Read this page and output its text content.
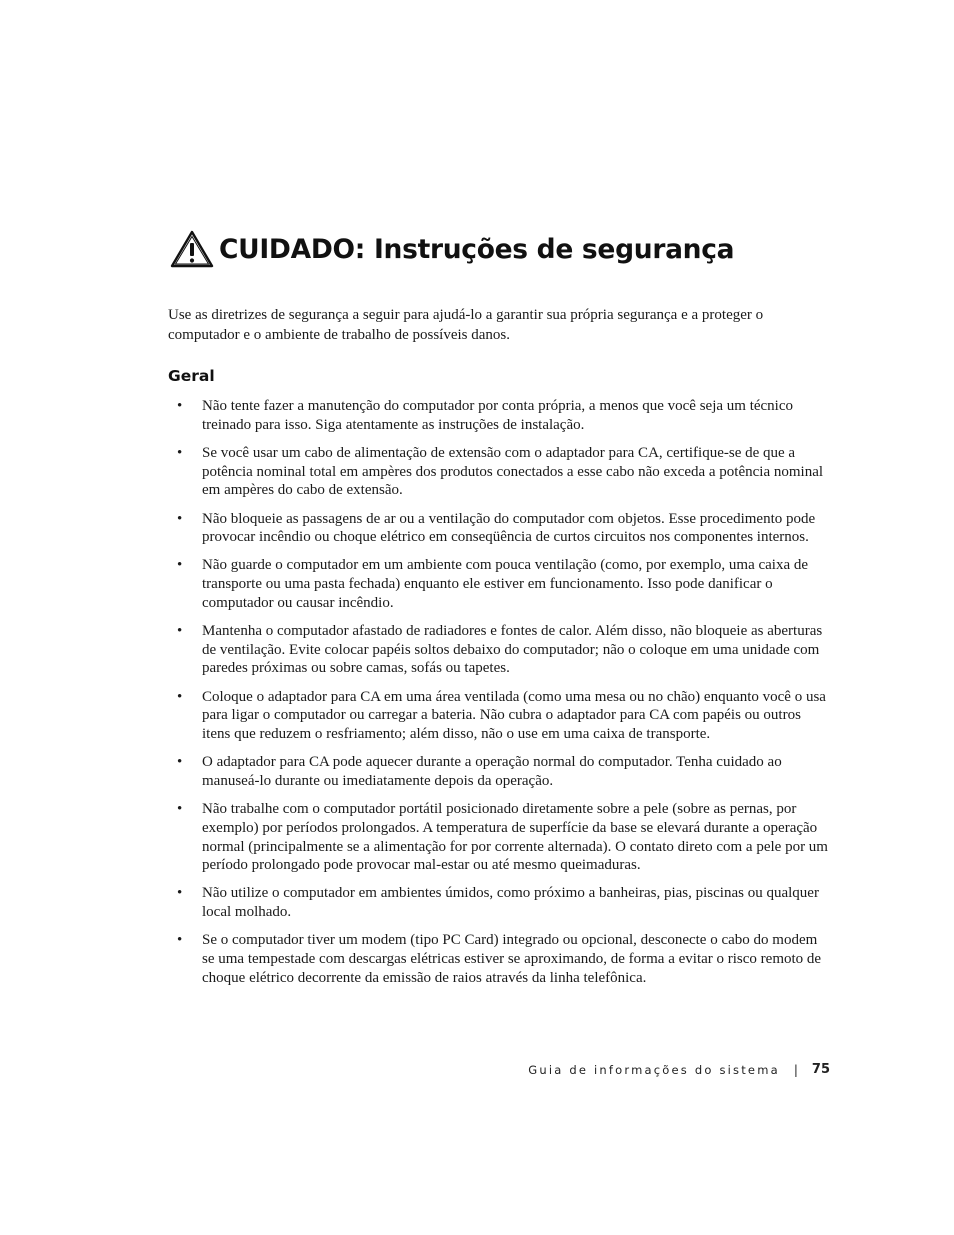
CUIDADO: Instruções de segurança

Use as diretrizes de segurança a seguir para ajudá-lo a garantir sua própria segurança e a proteger o computador e o ambiente de trabalho de possíveis danos.

Geral
• Não tente fazer a manutenção do computador por conta própria, a menos que você seja um técnico treinado para isso. Siga atentamente as instruções de instalação.
• Se você usar um cabo de alimentação de extensão com o adaptador para CA, certifique-se de que a potência nominal total em ampères dos produtos conectados a esse cabo não exceda a potência nominal em ampères do cabo de extensão.
• Não bloqueie as passagens de ar ou a ventilação do computador com objetos. Esse procedimento pode provocar incêndio ou choque elétrico em conseqüência de curtos circuitos nos componentes internos.
• Não guarde o computador em um ambiente com pouca ventilação (como, por exemplo, uma caixa de transporte ou uma pasta fechada) enquanto ele estiver em funcionamento. Isso pode danificar o computador ou causar incêndio.
• Mantenha o computador afastado de radiadores e fontes de calor. Além disso, não bloqueie as aberturas de ventilação. Evite colocar papéis soltos debaixo do computador; não o coloque em uma unidade com paredes próximas ou sobre camas, sofás ou tapetes.
• Coloque o adaptador para CA em uma área ventilada (como uma mesa ou no chão) enquanto você o usa para ligar o computador ou carregar a bateria. Não cubra o adaptador para CA com papéis ou outros itens que reduzem o resfriamento; além disso, não o use em uma caixa de transporte.
• O adaptador para CA pode aquecer durante a operação normal do computador. Tenha cuidado ao manuseá-lo durante ou imediatamente depois da operação.
• Não trabalhe com o computador portátil posicionado diretamente sobre a pele (sobre as pernas, por exemplo) por períodos prolongados. A temperatura de superfície da base se elevará durante a operação normal (principalmente se a alimentação for por corrente alternada). O contato direto com a pele por um período prolongado pode provocar mal-estar ou até mesmo queimaduras.
• Não utilize o computador em ambientes úmidos, como próximo a banheiras, pias, piscinas ou qualquer local molhado.
• Se o computador tiver um modem (tipo PC Card) integrado ou opcional, desconecte o cabo do modem se uma tempestade com descargas elétricas estiver se aproximando, de forma a evitar o risco remoto de choque elétrico decorrente da emissão de raios através da linha telefônica.
Guia de informações do sistema | 75
